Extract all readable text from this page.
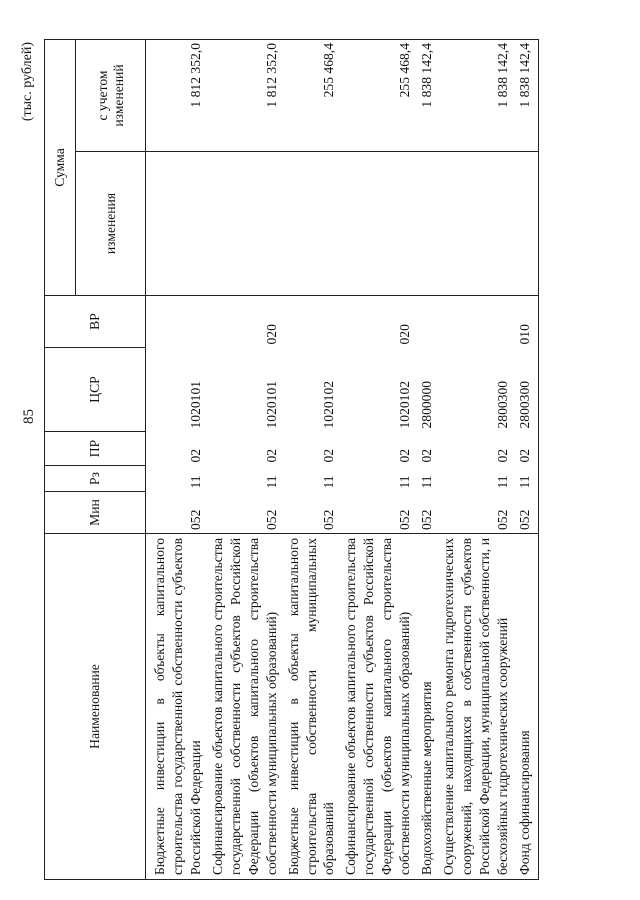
85
(тыс. рублей)
Наименование	Мин	Рз	ПР	ЦСР	ВР	Сумма	
						изменения	с учетом изменений
Бюджетные инвестиции в объекты капитального строительства государственной собственности субъектов Российской Федерации	052	11	02	1020101			1 812 352,0
Софинансирование объектов капитального строительства государственной собственности субъектов Российской Федерации (объектов капитального строительства собственности муниципальных образований)	052	11	02	1020101	020		1 812 352,0
Бюджетные инвестиции в объекты капитального строительства собственности муниципальных образований	052	11	02	1020102			255 468,4
Софинансирование объектов капитального строительства государственной собственности субъектов Российской Федерации (объектов капитального строительства собственности муниципальных образований)	052	11	02	1020102	020		255 468,4
Водохозяйственные мероприятия	052	11	02	2800000			1 838 142,4
Осуществление капитального ремонта гидротехнических сооружений, находящихся в собственности субъектов Российской Федерации, муниципальной собственности, и бесхозяйных гидротехнических сооружений	052	11	02	2800300			1 838 142,4
Фонд софинансирования	052	11	02	2800300	010		1 838 142,4
